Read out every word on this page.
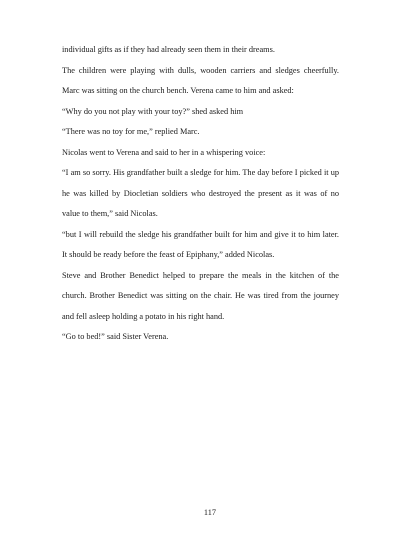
individual gifts as if they had already seen them in their dreams.

The children were playing with dulls, wooden carriers and sledges cheerfully. Marc was sitting on the church bench. Verena came to him and asked:

“Why do you not play with your toy?” shed asked him

“There was no toy for me,” replied Marc.

Nicolas went to Verena and said to her in a whispering voice:

“I am so sorry. His grandfather built a sledge for him. The day before I picked it up he was killed by Diocletian soldiers who destroyed the present as it was of no value to them,” said Nicolas.

“but I will rebuild the sledge his grandfather built for him and give it to him later. It should be ready before the feast of Epiphany,” added Nicolas.

Steve and Brother Benedict helped to prepare the meals in the kitchen of the church. Brother Benedict was sitting on the chair. He was tired from the journey and fell asleep holding a potato in his right hand.

“Go to bed!” said Sister Verena.

117
